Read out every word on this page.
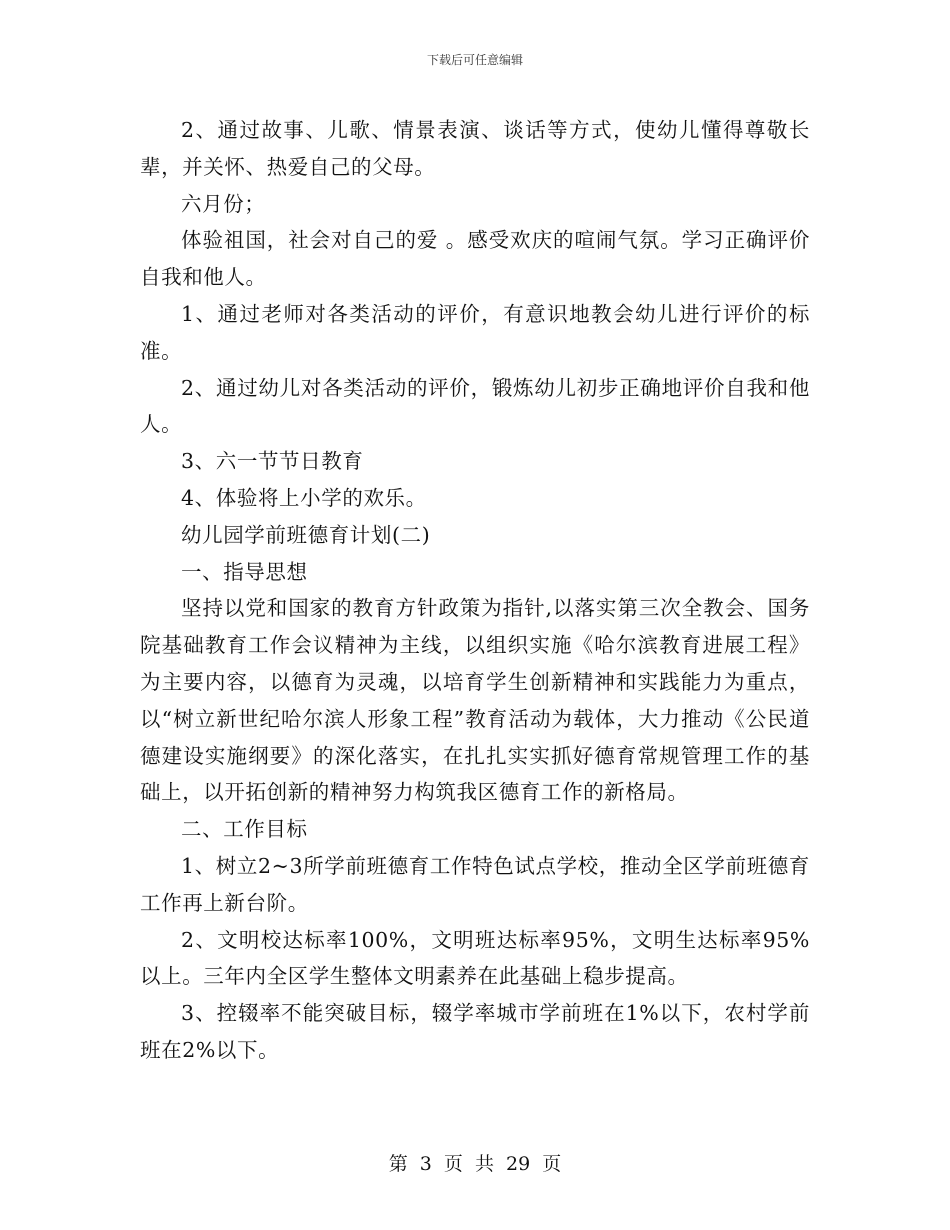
下载后可任意编辑

2、通过故事、儿歌、情景表演、谈话等方式，使幼儿懂得尊敬长辈，并关怀、热爱自己的父母。

六月份；

体验祖国，社会对自己的爱 。感受欢庆的喧闹气氛。学习正确评价自我和他人。

1、通过老师对各类活动的评价，有意识地教会幼儿进行评价的标准。

2、通过幼儿对各类活动的评价，锻炼幼儿初步正确地评价自我和他人。

3、六一节节日教育

4、体验将上小学的欢乐。

幼儿园学前班德育计划(二)

一、指导思想

坚持以党和国家的教育方针政策为指针,以落实第三次全教会、国务院基础教育工作会议精神为主线，以组织实施《哈尔滨教育进展工程》为主要内容，以德育为灵魂，以培育学生创新精神和实践能力为重点，以“树立新世纪哈尔滨人形象工程”教育活动为载体，大力推动《公民道德建设实施纲要》的深化落实，在扎扎实实抓好德育常规管理工作的基础上，以开拓创新的精神努力构筑我区德育工作的新格局。

二、工作目标

1、树立2~3所学前班德育工作特色试点学校，推动全区学前班德育工作再上新台阶。

2、文明校达标率100%，文明班达标率95%，文明生达标率95%以上。三年内全区学生整体文明素养在此基础上稳步提高。

3、控辍率不能突破目标，辍学率城市学前班在1%以下，农村学前班在2%以下。

第 3 页 共 29 页
